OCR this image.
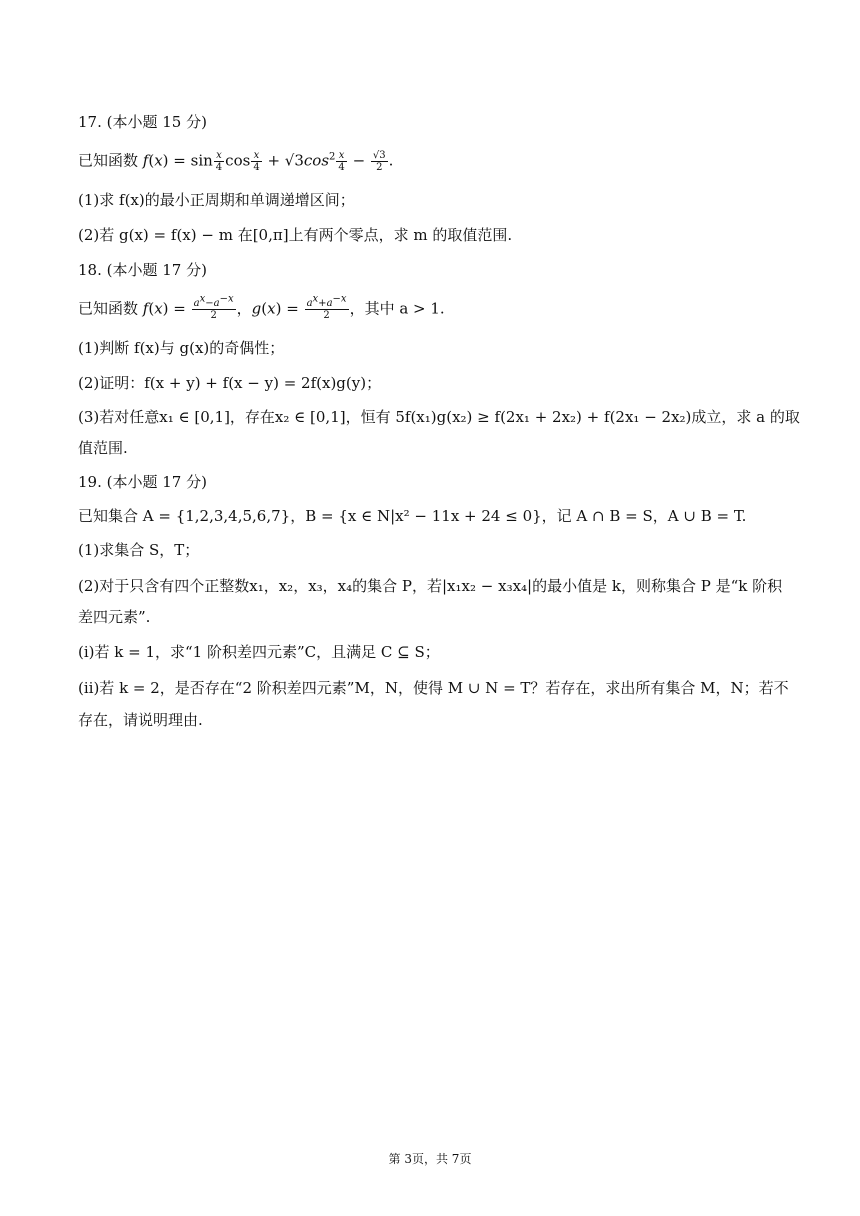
17. (本小题 15 分)
已知函数 $f(x) = \sin \frac{x}{4}$ $\cos \frac{x}{4} + √3\cos^2 \frac{x}{4} - \frac{√3}{2}$ .
(1)求 f(x)的最小正周期和单调递增区间；
(2)若 g(x) = f(x) − m 在[0,π]上有两个零点，求 m 的取值范围.
18. (本小题 17 分)
已知函数 $f(x) = \frac{a^x-a^{-x}}{2}$ ，$g(x) = \frac{a^x+a^{-x}}{2}$ ，其中 a > 1.
(1)判断 f(x)与 g(x)的奇偶性；
(2)证明：f(x + y) + f(x − y) = 2f(x)g(y)；
(3)若对任意x₁ ∈ [0,1]，存在x₂ ∈ [0,1]，恒有 5f(x₁)g(x₂) ≥ f(2x₁ + 2x₂) + f(2x₁ − 2x₂)成立，求 a 的取
值范围.
19. (本小题 17 分)
已知集合 A = {1,2,3,4,5,6,7}，B = {x ∈ N|x² − 11x + 24 ≤ 0}，记 A ∩ B = S，A ∪ B = T.
(1)求集合 S，T；
(2)对于只含有四个正整数x₁，x₂，x₃，x₄的集合 P，若|x₁x₂ − x₃x₄|的最小值是 k，则称集合 P 是“k 阶积
差四元素”.
(ⅰ)若 k = 1，求“1 阶积差四元素”C，且满足 C ⊆ S；
(ⅱ)若 k = 2，是否存在“2 阶积差四元素”M，N，使得 M ∪ N = T？若存在，求出所有集合 M，N；若不
存在，请说明理由.
第 3页，共 7页
